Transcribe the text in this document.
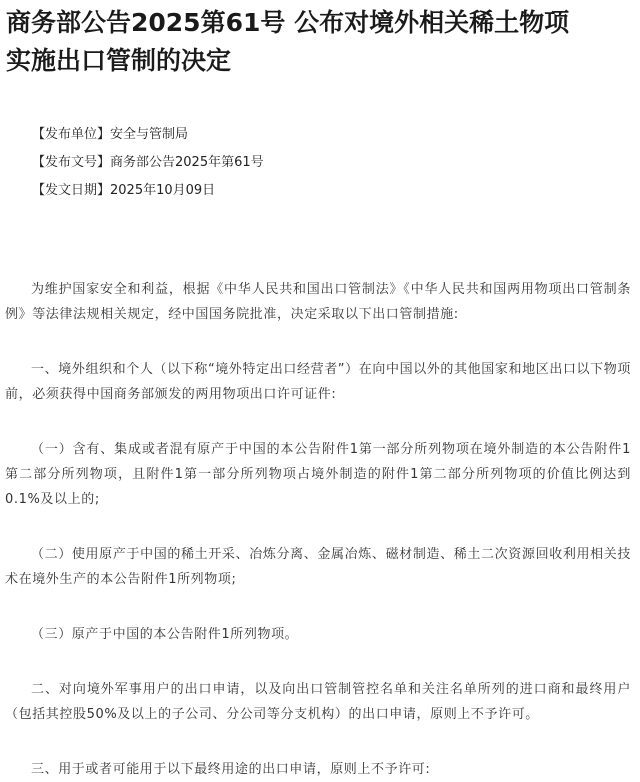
商务部公告2025第61号 公布对境外相关稀土物项
实施出口管制的决定
【发布单位】安全与管制局
【发布文号】商务部公告2025年第61号
【发文日期】2025年10月09日

为维护国家安全和利益，根据《中华人民共和国出口管制法》《中华人民共和国两用物项出口管制条例》等法律法规相关规定，经中国国务院批准，决定采取以下出口管制措施:

一、境外组织和个人（以下称“境外特定出口经营者”）在向中国以外的其他国家和地区出口以下物项前，必须获得中国商务部颁发的两用物项出口许可证件:

（一）含有、集成或者混有原产于中国的本公告附件1第一部分所列物项在境外制造的本公告附件1第二部分所列物项，且附件1第一部分所列物项占境外制造的附件1第二部分所列物项的价值比例达到0.1%及以上的;

（二）使用原产于中国的稀土开采、冶炼分离、金属冶炼、磁材制造、稀土二次资源回收利用相关技术在境外生产的本公告附件1所列物项;

（三）原产于中国的本公告附件1所列物项。

二、对向境外军事用户的出口申请，以及向出口管制管控名单和关注名单所列的进口商和最终用户（包括其控股50%及以上的子公司、分公司等分支机构）的出口申请，原则上不予许可。

三、用于或者可能用于以下最终用途的出口申请，原则上不予许可:
